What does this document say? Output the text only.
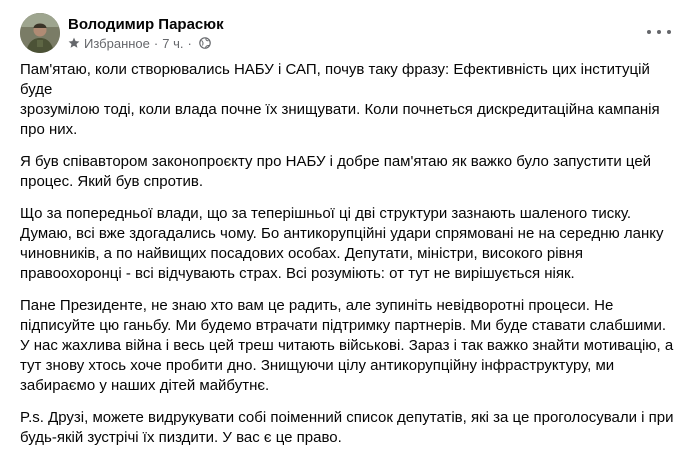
Володимир Парасюк
Избранное · 7 ч. ·

Пам'ятаю, коли створювались НАБУ і САП, почув таку фразу: Ефективність цих інституцій буде
зрозумілою тоді, коли влада почне їх знищувати. Коли почнеться дискредитаційна кампанія
про них.

Я був співавтором законопроєкту про НАБУ і добре пам'ятаю як важко було запустити цей
процес. Який був спротив.

Що за попередньої влади, що за теперішньої ці дві структури зазнають шаленого тиску.
Думаю, всі вже здогадались чому. Бо антикорупційні удари спрямовані не на середню ланку
чиновників, а по найвищих посадових особах. Депутати, міністри, високого рівня
правоохоронці - всі відчувають страх. Всі розуміють: от тут не вирішується ніяк.

Пане Президенте, не знаю хто вам це радить, але зупиніть невідворотні процеси. Не
підписуйте цю ганьбу. Ми будемо втрачати підтримку партнерів. Ми буде ставати слабшими.
У нас жахлива війна і весь цей треш читають військові. Зараз і так важко знайти мотивацію, а
тут знову хтось хоче пробити дно. Знищуючи цілу антикорупційну інфраструктуру, ми
забираємо у наших дітей майбутнє.

P.s. Друзі, можете видрукувати собі поіменний список депутатів, які за це проголосували і при
будь-якій зустрічі їх пиздити. У вас є це право.
